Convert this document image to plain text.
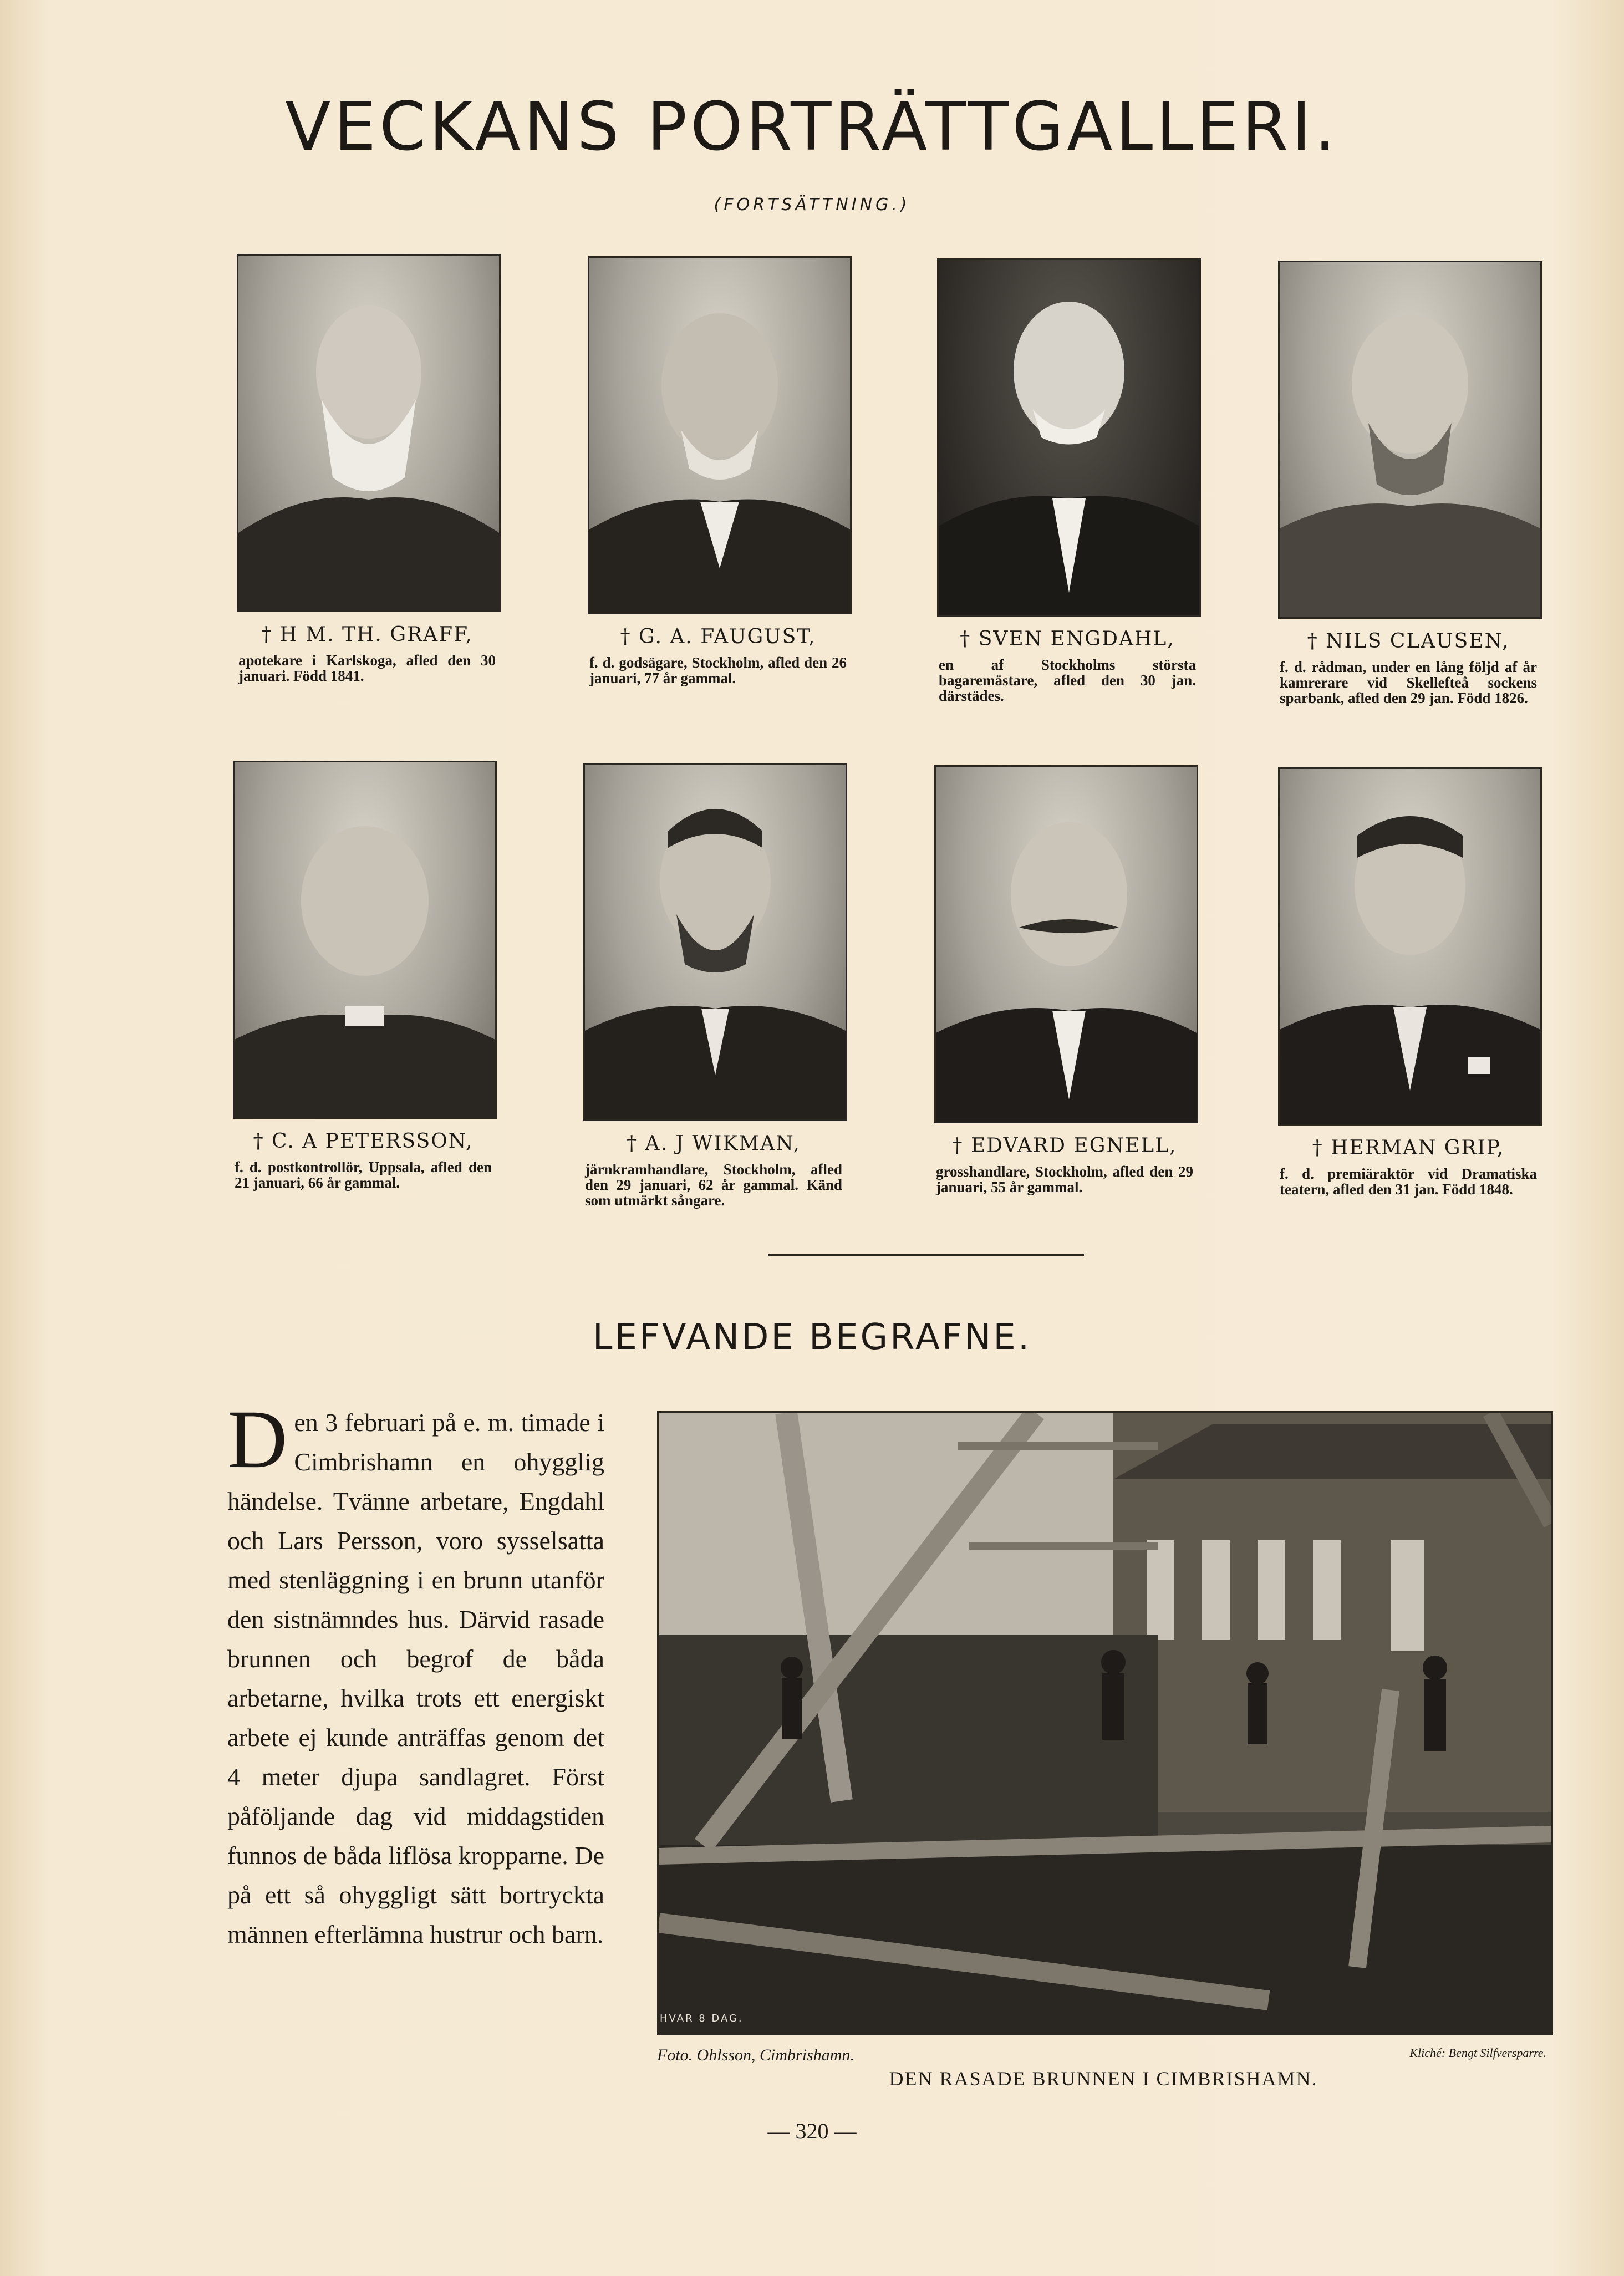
VECKANS PORTRÄTTGALLERI.
(FORTSÄTTNING.)
† H M. TH. GRAFF,
apotekare i Karlskoga, afled den 30 januari. Född 1841.
† G. A. FAUGUST,
f. d. godsägare, Stockholm, afled den 26 januari, 77 år gammal.
† SVEN ENGDAHL,
en af Stockholms största bagaremästare, afled den 30 jan. därstädes.
† NILS CLAUSEN,
f. d. rådman, under en lång följd af år kamrerare vid Skellefteå sockens sparbank, afled den 29 jan. Född 1826.
† C. A PETERSSON,
f. d. postkontrollör, Uppsala, afled den 21 januari, 66 år gammal.
† A. J WIKMAN,
järnkramhandlare, Stockholm, afled den 29 januari, 62 år gammal. Känd som utmärkt sångare.
† EDVARD EGNELL,
grosshandlare, Stockholm, afled den 29 januari, 55 år gammal.
† HERMAN GRIP,
f. d. premiäraktör vid Dramatiska teatern, afled den 31 jan. Född 1848.
LEFVANDE BEGRAFNE.
Den 3 februari på e. m. timade i Cimbrishamn en ohygglig händelse. Tvänne arbetare, Engdahl och Lars Persson, voro sysselsatta med stenläggning i en brunn utanför den sistnämndes hus. Därvid rasade brunnen och begrof de båda arbetarne, hvilka trots ett energiskt arbete ej kunde anträffas genom det 4 meter djupa sandlagret. Först påföljande dag vid middagstiden funnos de båda liflösa kropparne. De på ett så ohyggligt sätt bortryckta männen efterlämna hustrur och barn.
HVAR 8 DAG.
Foto. Ohlsson, Cimbrishamn.	Kliché: Bengt Silfversparre.
DEN RASADE BRUNNEN I CIMBRISHAMN.
— 320 —
